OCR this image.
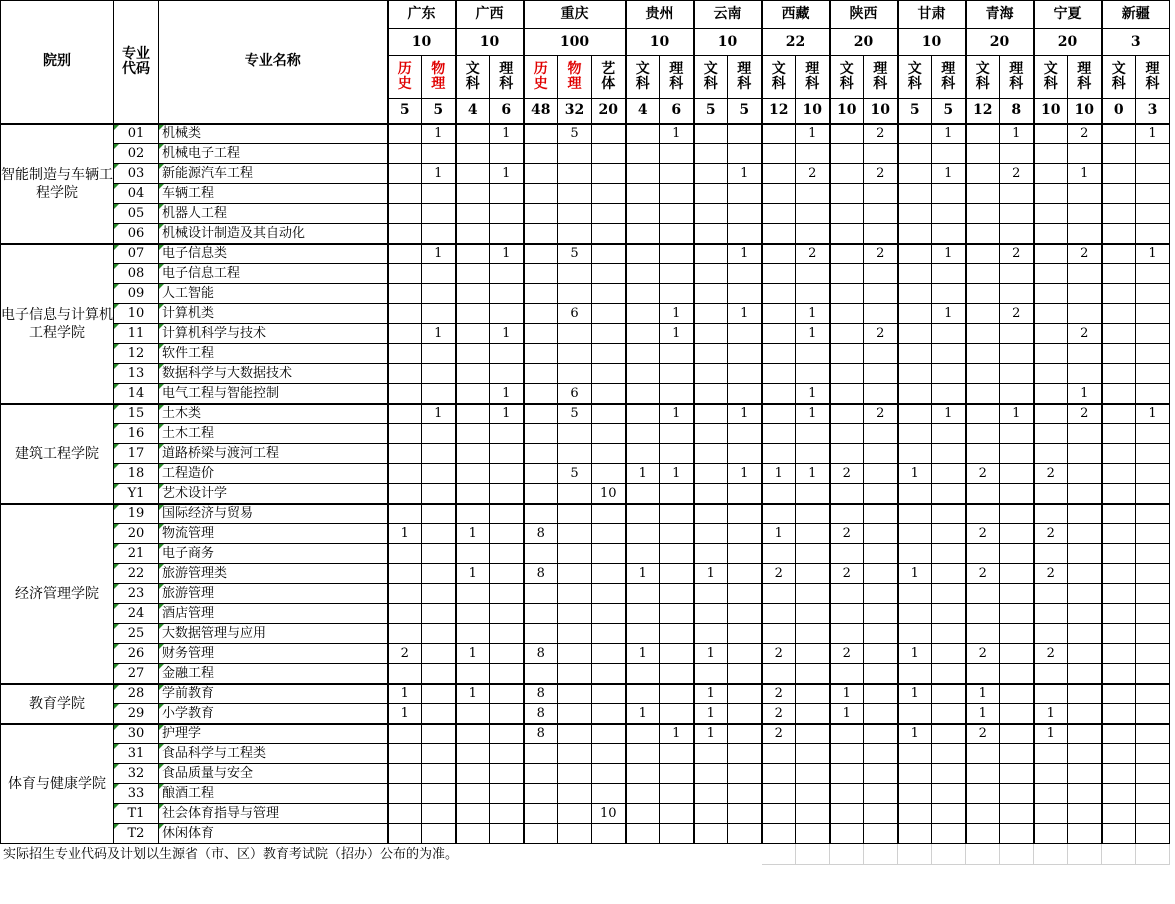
院别	专业代码	专业名称	广东		广西		重庆			贵州		云南		西藏		陕西		甘肃		青海		宁夏		新疆	
			10		10		100			10		10		22		20		10		20		20		3	
			历史	物理	文科	理科	历史	物理	艺体	文科	理科	文科	理科	文科	理科	文科	理科	文科	理科	文科	理科	文科	理科	文科	理科
			5	5	4	6	48	32	20	4	6	5	5	12	10	10	10	5	5	12	8	10	10	0	3
智能制造与车辆工程学院	01	机械类		1		1		5			1				1		2		1		1		2		1
	02	机械电子工程																							
	03	新能源汽车工程		1		1							1		2		2		1		2		1		
	04	车辆工程																							
	05	机器人工程																							
	06	机械设计制造及其自动化																							
电子信息与计算机工程学院	07	电子信息类		1		1		5					1		2		2		1		2		2		1
	08	电子信息工程																							
	09	人工智能																							
	10	计算机类						6			1		1		1				1		2				
	11	计算机科学与技术		1		1					1				1		2						2		
	12	软件工程																							
	13	数据科学与大数据技术																							
	14	电气工程与智能控制				1		6							1								1		
建筑工程学院	15	土木类		1		1		5			1		1		1		2		1		1		2		1
	16	土木工程																							
	17	道路桥梁与渡河工程																							
	18	工程造价						5		1	1		1	1	1	2		1		2		2			
	Y1	艺术设计学							10																
经济管理学院	19	国际经济与贸易																							
	20	物流管理	1		1		8							1		2				2		2			
	21	电子商务																							
	22	旅游管理类			1		8			1		1		2		2		1		2		2			
	23	旅游管理																							
	24	酒店管理																							
	25	大数据管理与应用																							
	26	财务管理	2		1		8			1		1		2		2		1		2		2			
	27	金融工程																							
教育学院	28	学前教育	1		1		8					1		2		1		1		1					
	29	小学教育	1				8			1		1		2		1				1		1			
体育与健康学院	30	护理学					8				1	1		2				1		2		1			
	31	食品科学与工程类																							
	32	食品质量与安全																							
	33	酿酒工程																							
	T1	社会体育指导与管理							10																
	T2	休闲体育																							
实际招生专业代码及计划以生源省（市、区）教育考试院（招办）公布的为准。																									
